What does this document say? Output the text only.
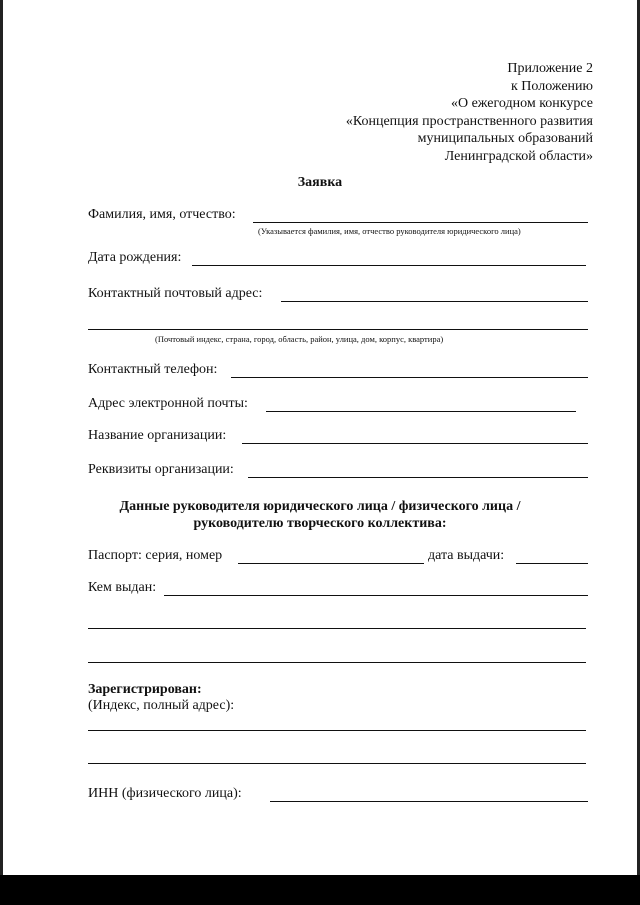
Приложение 2
к Положению
«О ежегодном конкурсе
«Концепция пространственного развития
муниципальных образований
Ленинградской области»
Заявка
Фамилия, имя, отчество:
(Указывается фамилия, имя, отчество руководителя юридического лица)
Дата рождения:
Контактный почтовый адрес:
(Почтовый индекс, страна, город, область, район, улица, дом, корпус, квартира)
Контактный телефон:
Адрес электронной почты:
Название организации:
Реквизиты организации:
Данные руководителя юридического лица / физического лица /
руководителю творческого коллектива:
Паспорт: серия, номер	дата выдачи:
Кем выдан:
Зарегистрирован:
(Индекс, полный адрес):
ИНН (физического лица):
